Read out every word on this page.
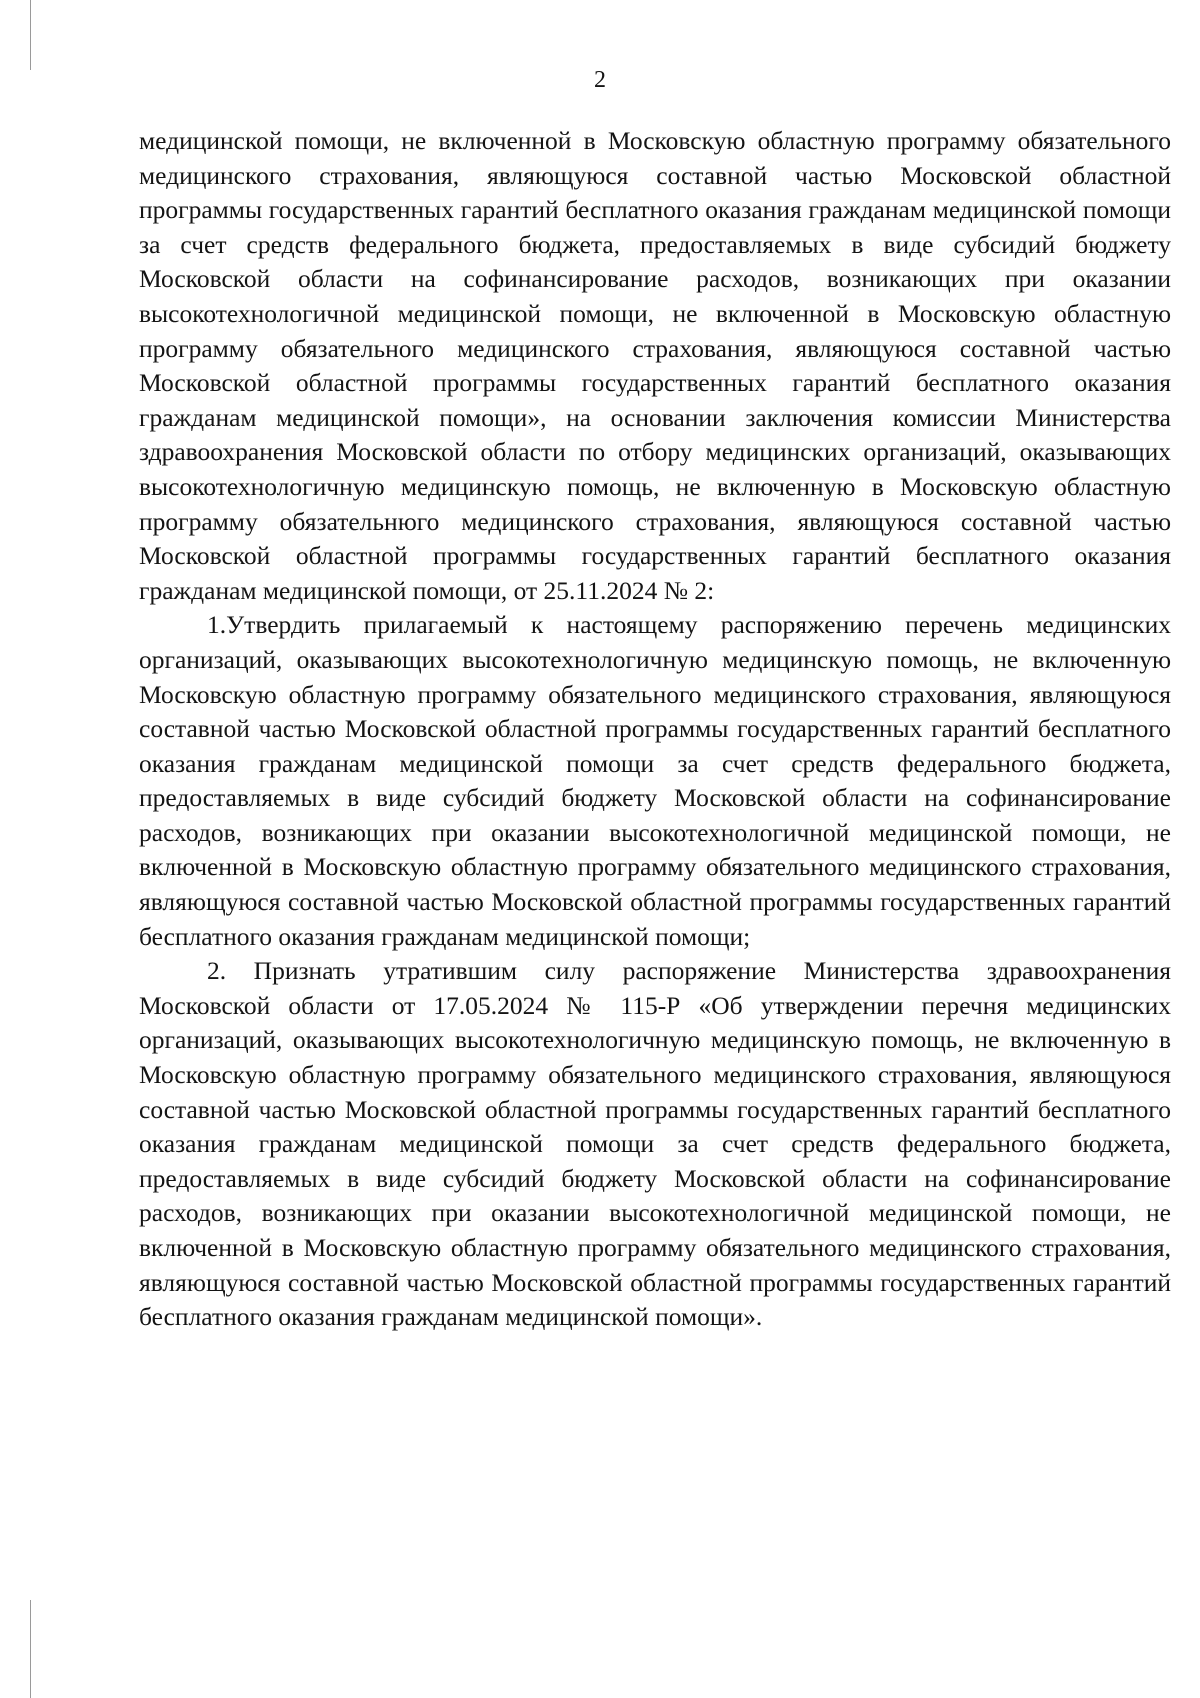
2

медицинской помощи, не включенной в Московскую областную программу обязательного медицинского страхования, являющуюся составной частью Московской областной программы государственных гарантий бесплатного оказания гражданам медицинской помощи за счет средств федерального бюджета, предоставляемых в виде субсидий бюджету Московской области на софинансирование расходов, возникающих при оказании высокотехнологичной медицинской помощи, не включенной в Московскую областную программу обязательного медицинского страхования, являющуюся составной частью Московской областной программы государственных гарантий бесплатного оказания гражданам медицинской помощи», на основании заключения комиссии Министерства здравоохранения Московской области по отбору медицинских организаций, оказывающих высокотехнологичную медицинскую помощь, не включенную в Московскую областную программу обязательнюго медицинского страхования, являющуюся составной частью Московской областной программы государственных гарантий бесплатного оказания гражданам медицинской помощи, от 25.11.2024 № 2:

1.Утвердить прилагаемый к настоящему распоряжению перечень медицинских организаций, оказывающих высокотехнологичную медицинскую помощь, не включенную Московскую областную программу обязательного медицинского страхования, являющуюся составной частью Московской областной программы государственных гарантий бесплатного оказания гражданам медицинской помощи за счет средств федерального бюджета, предоставляемых в виде субсидий бюджету Московской области на софинансирование расходов, возникающих при оказании высокотехнологичной медицинской помощи, не включенной в Московскую областную программу обязательного медицинского страхования, являющуюся составной частью Московской областной программы государственных гарантий бесплатного оказания гражданам медицинской помощи;

2. Признать утратившим силу распоряжение Министерства здравоохранения Московской области от 17.05.2024 № 115-Р «Об утверждении перечня медицинских организаций, оказывающих высокотехнологичную медицинскую помощь, не включенную в Московскую областную программу обязательного медицинского страхования, являющуюся составной частью Московской областной программы государственных гарантий бесплатного оказания гражданам медицинской помощи за счет средств федерального бюджета, предоставляемых в виде субсидий бюджету Московской области на софинансирование расходов, возникающих при оказании высокотехнологичной медицинской помощи, не включенной в Московскую областную программу обязательного медицинского страхования, являющуюся составной частью Московской областной программы государственных гарантий бесплатного оказания гражданам медицинской помощи».
